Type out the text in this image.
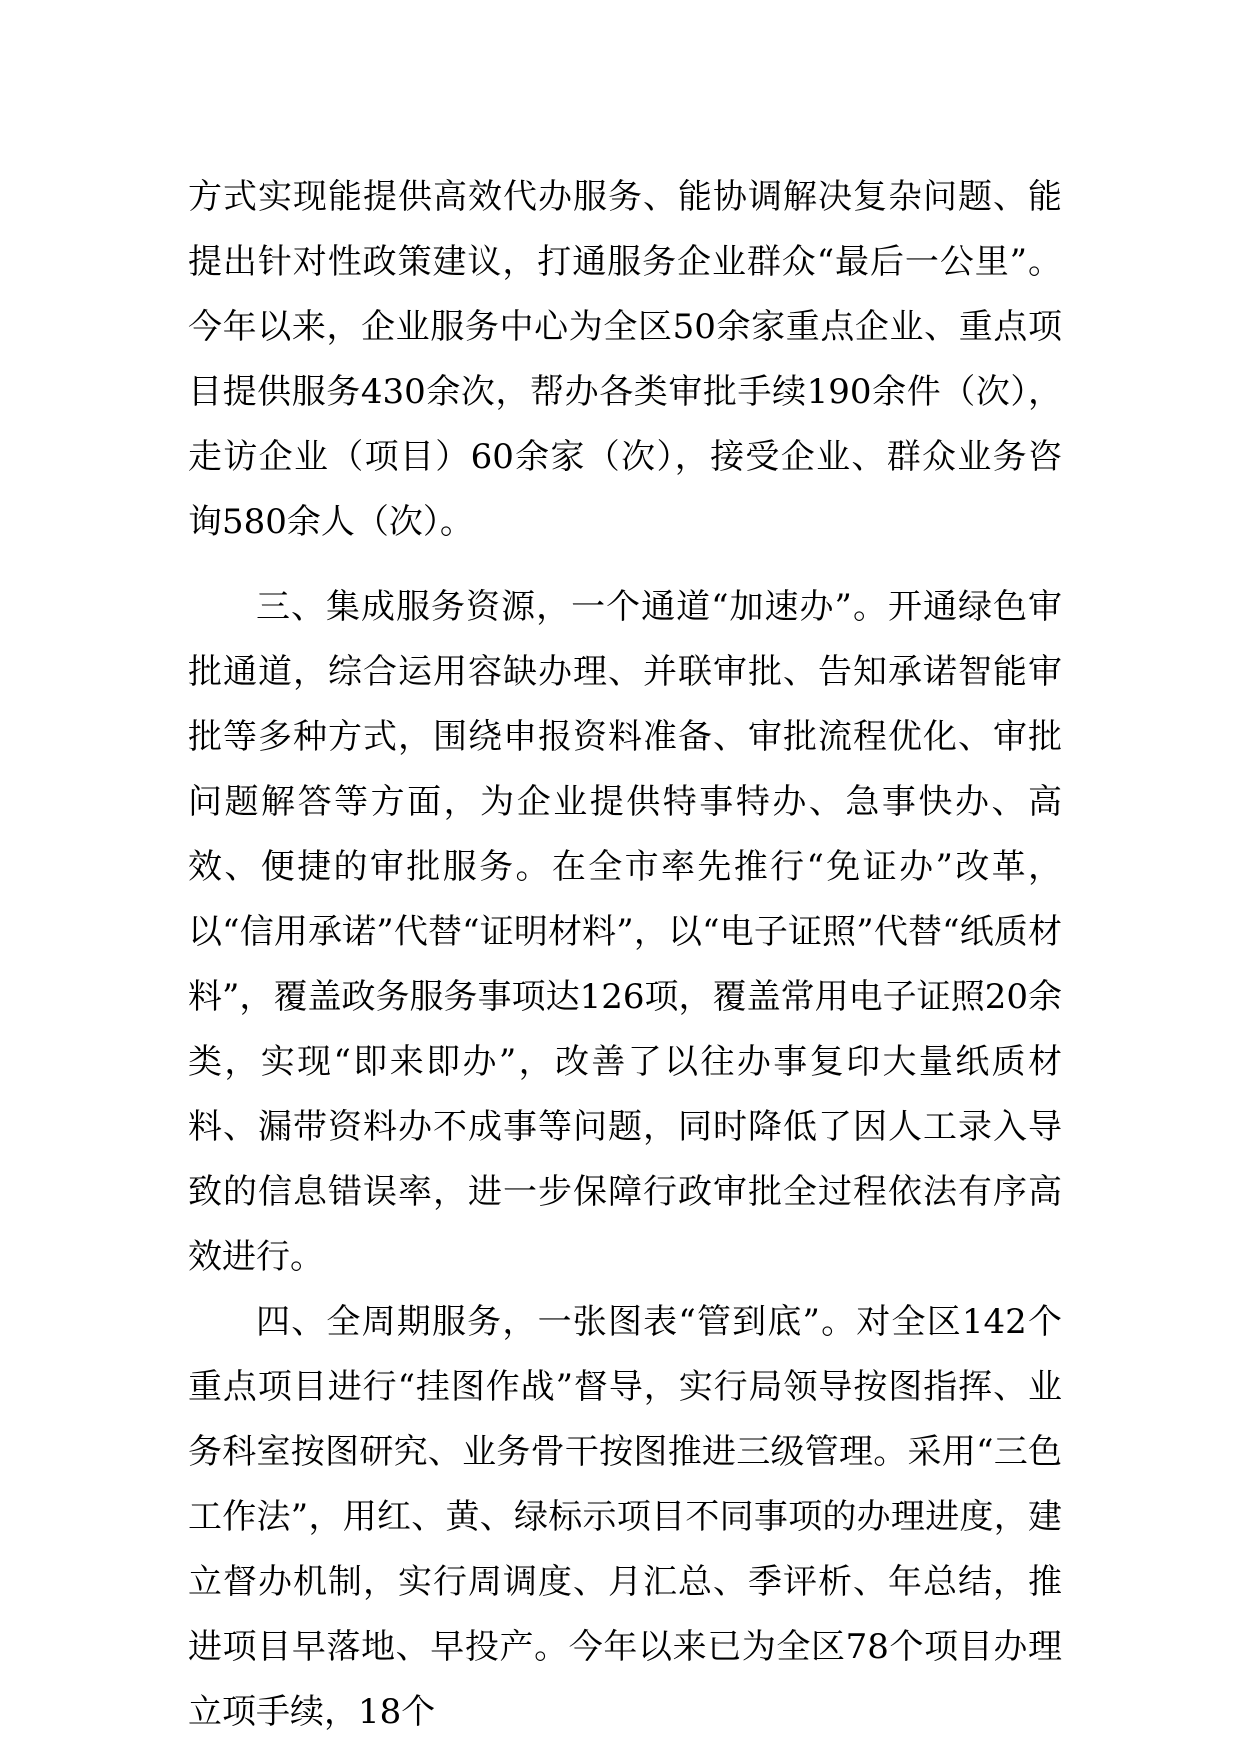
方式实现能提供高效代办服务、能协调解决复杂问题、能提出针对性政策建议，打通服务企业群众“最后一公里”。今年以来，企业服务中心为全区50余家重点企业、重点项目提供服务430余次，帮办各类审批手续190余件（次），走访企业（项目）60余家（次），接受企业、群众业务咨询580余人（次）。

三、集成服务资源，一个通道“加速办”。开通绿色审批通道，综合运用容缺办理、并联审批、告知承诺智能审批等多种方式，围绕申报资料准备、审批流程优化、审批问题解答等方面，为企业提供特事特办、急事快办、高效、便捷的审批服务。在全市率先推行“免证办”改革，以“信用承诺”代替“证明材料”，以“电子证照”代替“纸质材料”，覆盖政务服务事项达126项，覆盖常用电子证照20余类，实现“即来即办”，改善了以往办事复印大量纸质材料、漏带资料办不成事等问题，同时降低了因人工录入导致的信息错误率，进一步保障行政审批全过程依法有序高效进行。

四、全周期服务，一张图表“管到底”。对全区142个重点项目进行“挂图作战”督导，实行局领导按图指挥、业务科室按图研究、业务骨干按图推进三级管理。采用“三色工作法”，用红、黄、绿标示项目不同事项的办理进度，建立督办机制，实行周调度、月汇总、季评析、年总结，推进项目早落地、早投产。今年以来已为全区78个项目办理立项手续，18个
